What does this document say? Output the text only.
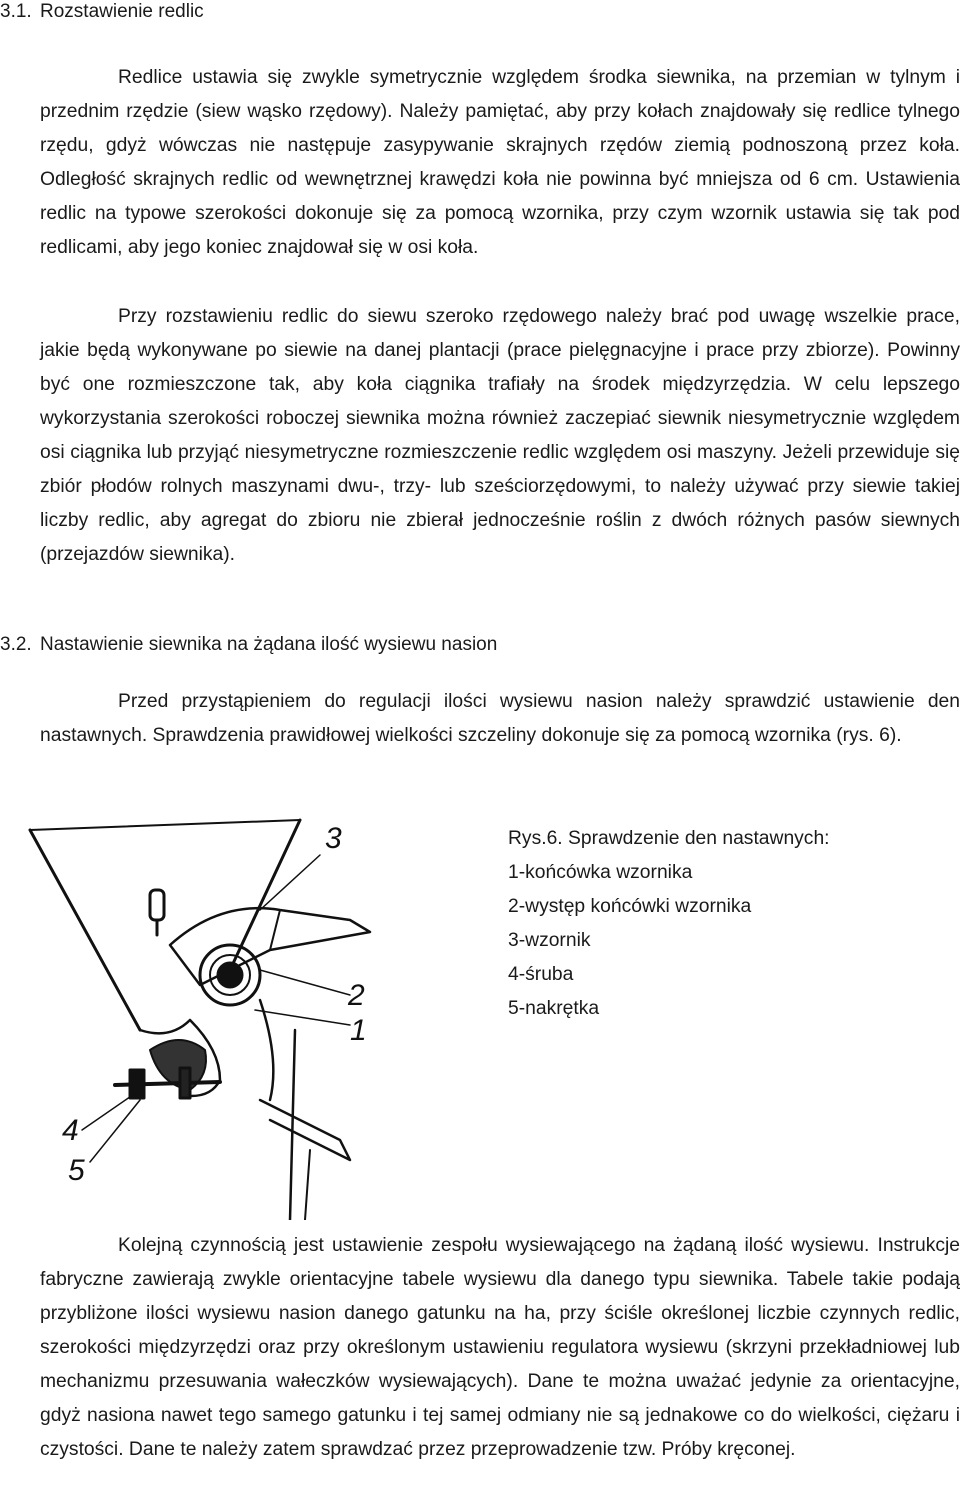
3.1. Rozstawienie redlic

Redlice ustawia się zwykle symetrycznie względem środka siewnika, na przemian w tylnym i przednim rzędzie (siew wąsko rzędowy). Należy pamiętać, aby przy kołach znajdowały się redlice tylnego rzędu, gdyż wówczas nie następuje zasypywanie skrajnych rzędów ziemią podnoszoną przez koła. Odległość skrajnych redlic od wewnętrznej krawędzi koła nie powinna być mniejsza od 6 cm. Ustawienia redlic na typowe szerokości dokonuje się za pomocą wzornika, przy czym wzornik ustawia się tak pod redlicami, aby jego koniec znajdował się w osi koła.

Przy rozstawieniu redlic do siewu szeroko rzędowego należy brać pod uwagę wszelkie prace, jakie będą wykonywane po siewie na danej plantacji (prace pielęgnacyjne i prace przy zbiorze). Powinny być one rozmieszczone tak, aby koła ciągnika trafiały na środek międzyrzędzia. W celu lepszego wykorzystania szerokości roboczej siewnika można również zaczepiać siewnik niesymetrycznie względem osi ciągnika lub przyjąć niesymetryczne rozmieszczenie redlic względem osi maszyny. Jeżeli przewiduje się zbiór płodów rolnych maszynami dwu-, trzy- lub sześciorzędowymi, to należy używać przy siewie takiej liczby redlic, aby agregat do zbioru nie zbierał jednocześnie roślin z dwóch różnych pasów siewnych (przejazdów siewnika).

3.2. Nastawienie siewnika na żądana ilość wysiewu nasion

Przed przystąpieniem do regulacji ilości wysiewu nasion należy sprawdzić ustawienie den nastawnych. Sprawdzenia prawidłowej wielkości szczeliny dokonuje się za pomocą wzornika (rys. 6).

3
2
1
4
5
Rys.6. Sprawdzenie den nastawnych:
1-końcówka wzornika
2-występ końcówki wzornika
3-wzornik
4-śruba
5-nakrętka

Kolejną czynnością jest ustawienie zespołu wysiewającego na żądaną ilość wysiewu. Instrukcje fabryczne zawierają zwykle orientacyjne tabele wysiewu dla danego typu siewnika. Tabele takie podają przybliżone ilości wysiewu nasion danego gatunku na ha, przy ściśle określonej liczbie czynnych redlic, szerokości międzyrzędzi oraz przy określonym ustawieniu regulatora wysiewu (skrzyni przekładniowej lub mechanizmu przesuwania wałeczków wysiewających). Dane te można uważać jedynie za orientacyjne, gdyż nasiona nawet tego samego gatunku i tej samej odmiany nie są jednakowe co do wielkości, ciężaru i czystości. Dane te należy zatem sprawdzać przez przeprowadzenie tzw. Próby kręconej.
